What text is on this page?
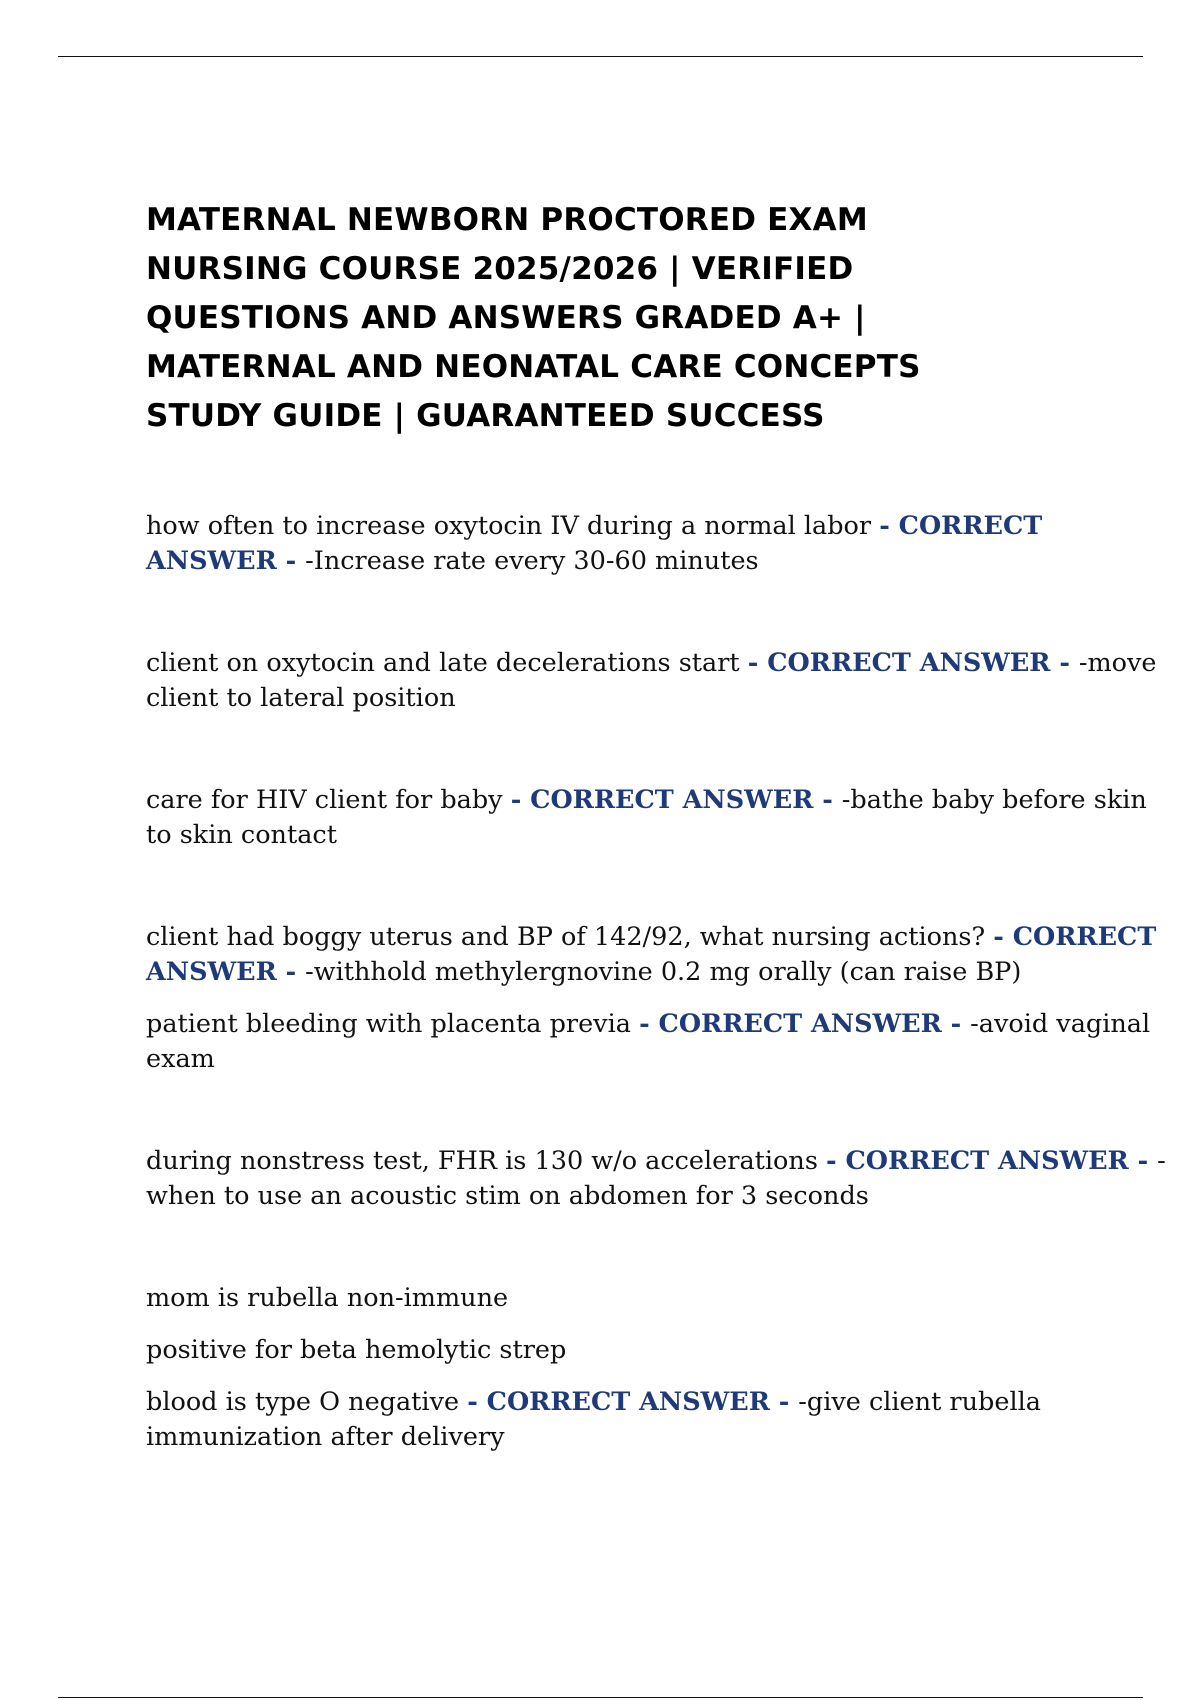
MATERNAL NEWBORN PROCTORED EXAM
NURSING COURSE 2025/2026 | VERIFIED
QUESTIONS AND ANSWERS GRADED A+ |
MATERNAL AND NEONATAL CARE CONCEPTS
STUDY GUIDE | GUARANTEED SUCCESS

how often to increase oxytocin IV during a normal labor - CORRECT
ANSWER - -Increase rate every 30-60 minutes

client on oxytocin and late decelerations start - CORRECT ANSWER - -move
client to lateral position

care for HIV client for baby - CORRECT ANSWER - -bathe baby before skin
to skin contact

client had boggy uterus and BP of 142/92, what nursing actions? - CORRECT
ANSWER - -withhold methylergnovine 0.2 mg orally (can raise BP)

patient bleeding with placenta previa - CORRECT ANSWER - -avoid vaginal
exam

during nonstress test, FHR is 130 w/o accelerations - CORRECT ANSWER - -
when to use an acoustic stim on abdomen for 3 seconds

mom is rubella non-immune

positive for beta hemolytic strep

blood is type O negative - CORRECT ANSWER - -give client rubella
immunization after delivery
